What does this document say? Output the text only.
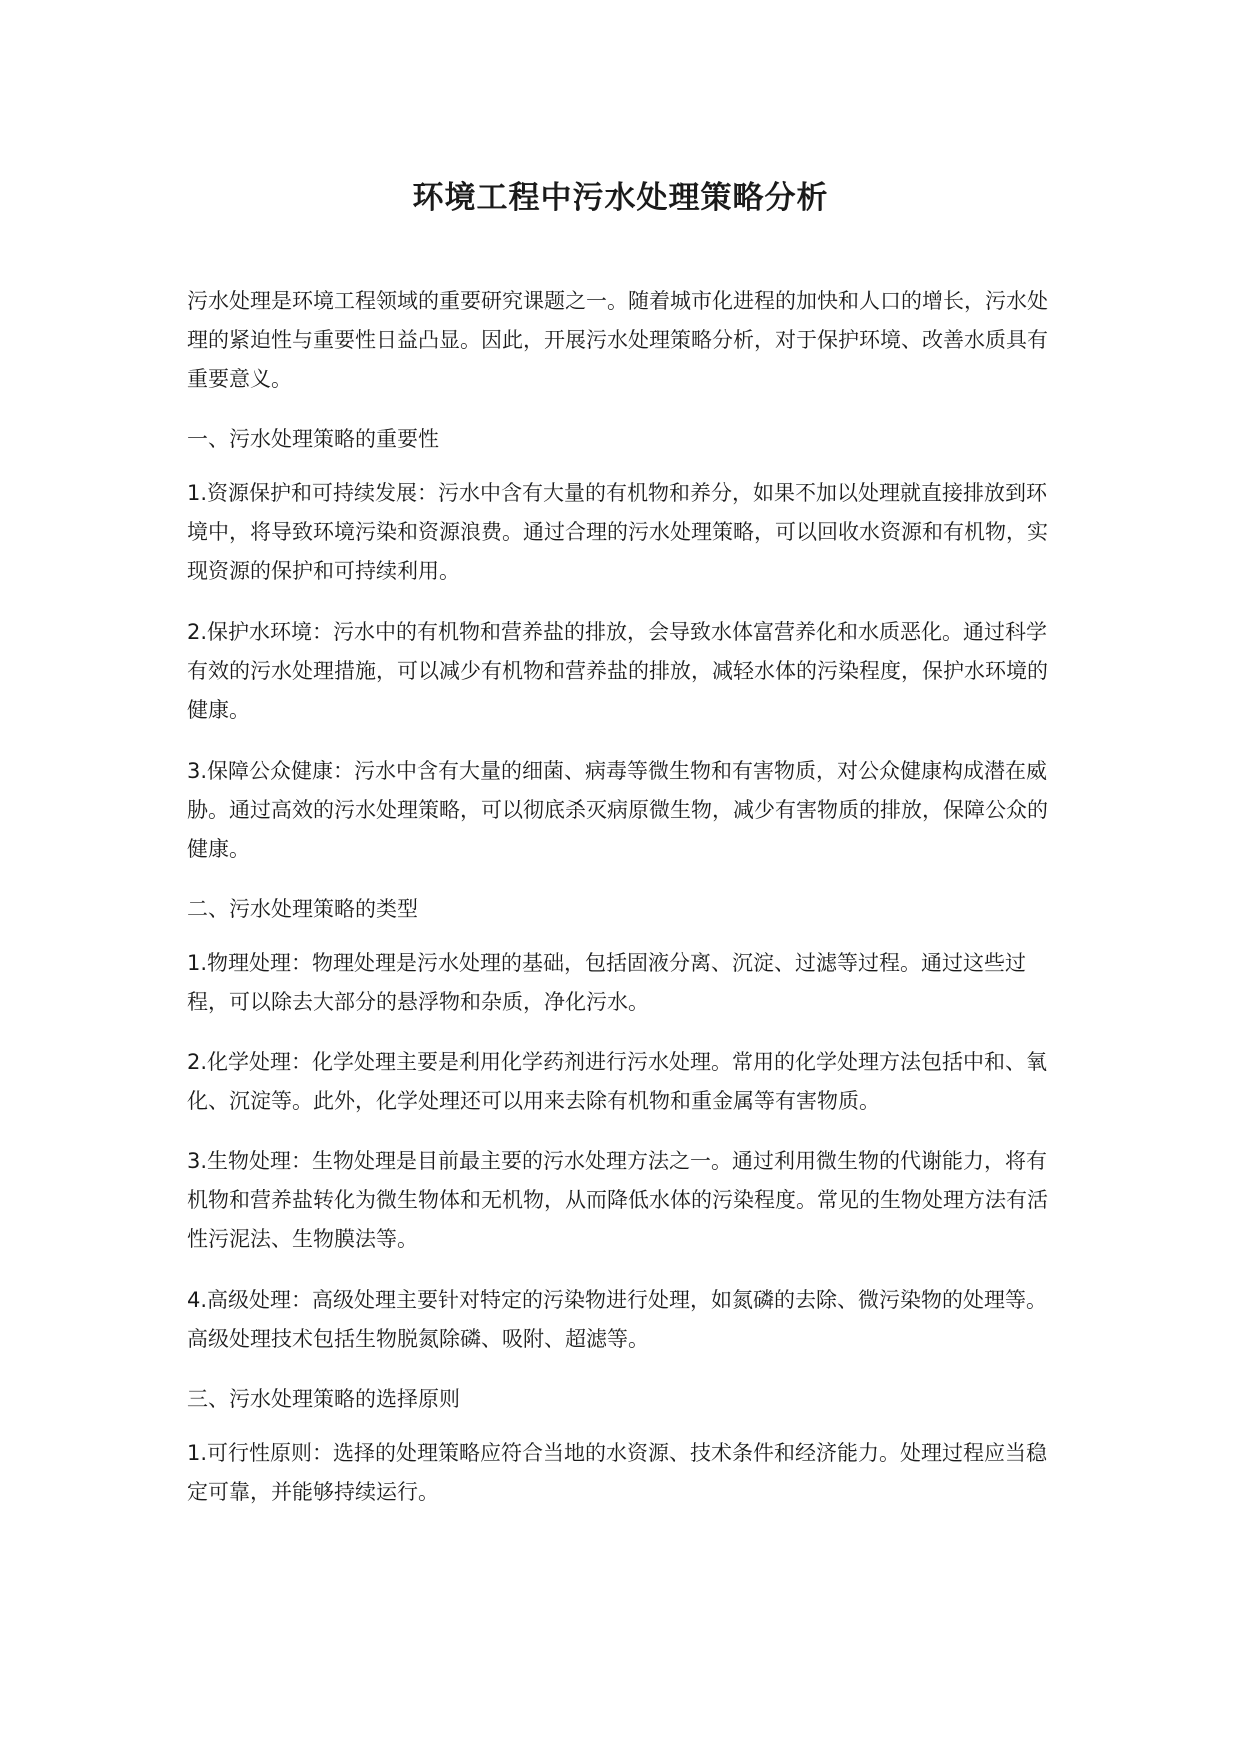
环境工程中污水处理策略分析

污水处理是环境工程领域的重要研究课题之一。随着城市化进程的加快和人口的增长，污水处理的紧迫性与重要性日益凸显。因此，开展污水处理策略分析，对于保护环境、改善水质具有重要意义。

一、污水处理策略的重要性

1.资源保护和可持续发展：污水中含有大量的有机物和养分，如果不加以处理就直接排放到环境中，将导致环境污染和资源浪费。通过合理的污水处理策略，可以回收水资源和有机物，实现资源的保护和可持续利用。

2.保护水环境：污水中的有机物和营养盐的排放，会导致水体富营养化和水质恶化。通过科学有效的污水处理措施，可以减少有机物和营养盐的排放，减轻水体的污染程度，保护水环境的健康。

3.保障公众健康：污水中含有大量的细菌、病毒等微生物和有害物质，对公众健康构成潜在威胁。通过高效的污水处理策略，可以彻底杀灭病原微生物，减少有害物质的排放，保障公众的健康。

二、污水处理策略的类型

1.物理处理：物理处理是污水处理的基础，包括固液分离、沉淀、过滤等过程。通过这些过程，可以除去大部分的悬浮物和杂质，净化污水。

2.化学处理：化学处理主要是利用化学药剂进行污水处理。常用的化学处理方法包括中和、氧化、沉淀等。此外，化学处理还可以用来去除有机物和重金属等有害物质。

3.生物处理：生物处理是目前最主要的污水处理方法之一。通过利用微生物的代谢能力，将有机物和营养盐转化为微生物体和无机物，从而降低水体的污染程度。常见的生物处理方法有活性污泥法、生物膜法等。

4.高级处理：高级处理主要针对特定的污染物进行处理，如氮磷的去除、微污染物的处理等。高级处理技术包括生物脱氮除磷、吸附、超滤等。

三、污水处理策略的选择原则

1.可行性原则：选择的处理策略应符合当地的水资源、技术条件和经济能力。处理过程应当稳定可靠，并能够持续运行。
